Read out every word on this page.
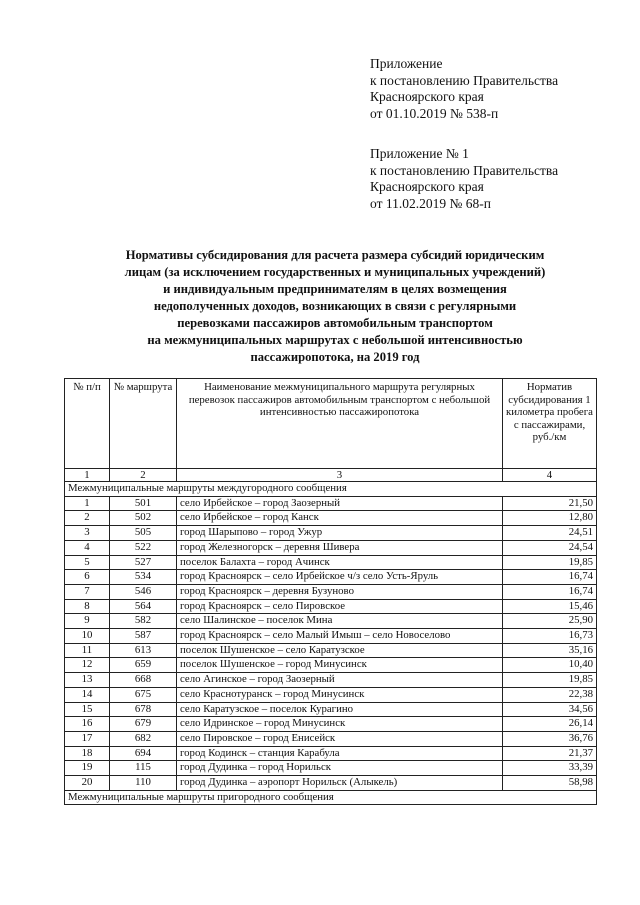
Приложение
к постановлению Правительства
Красноярского края
от 01.10.2019 № 538-п
Приложение № 1
к постановлению Правительства
Красноярского края
от 11.02.2019 № 68-п
Нормативы субсидирования для расчета размера субсидий юридическим
лицам (за исключением государственных и муниципальных учреждений)
и индивидуальным предпринимателям в целях возмещения
недополученных доходов, возникающих в связи с регулярными
перевозками пассажиров автомобильным транспортом
на межмуниципальных маршрутах с небольшой интенсивностью
пассажиропотока, на 2019 год
№ п/п	№ маршрута	Наименование межмуниципального маршрута регулярных перевозок пассажиров автомобильным транспортом с небольшой интенсивностью пассажиропотока	Норматив субсидирования 1 километра пробега с пассажирами, руб./км
1	2	3	4
Межмуниципальные маршруты междугородного сообщения			
1	501	село Ирбейское – город Заозерный	21,50
2	502	село Ирбейское – город Канск	12,80
3	505	город Шарыпово – город Ужур	24,51
4	522	город Железногорск – деревня Шивера	24,54
5	527	поселок Балахта – город Ачинск	19,85
6	534	город Красноярск – село Ирбейское ч/з село Усть-Яруль	16,74
7	546	город Красноярск – деревня Бузуново	16,74
8	564	город Красноярск – село Пировское	15,46
9	582	село Шалинское – поселок Мина	25,90
10	587	город Красноярск – село Малый Имыш – село Новоселово	16,73
11	613	поселок Шушенское – село Каратузское	35,16
12	659	поселок Шушенское – город Минусинск	10,40
13	668	село Агинское – город Заозерный	19,85
14	675	село Краснотуранск – город Минусинск	22,38
15	678	село Каратузское – поселок Курагино	34,56
16	679	село Идринское – город Минусинск	26,14
17	682	село Пировское – город Енисейск	36,76
18	694	город Кодинск – станция Карабула	21,37
19	115	город Дудинка – город Норильск	33,39
20	110	город Дудинка – аэропорт Норильск (Алыкель)	58,98
Межмуниципальные маршруты пригородного сообщения			
